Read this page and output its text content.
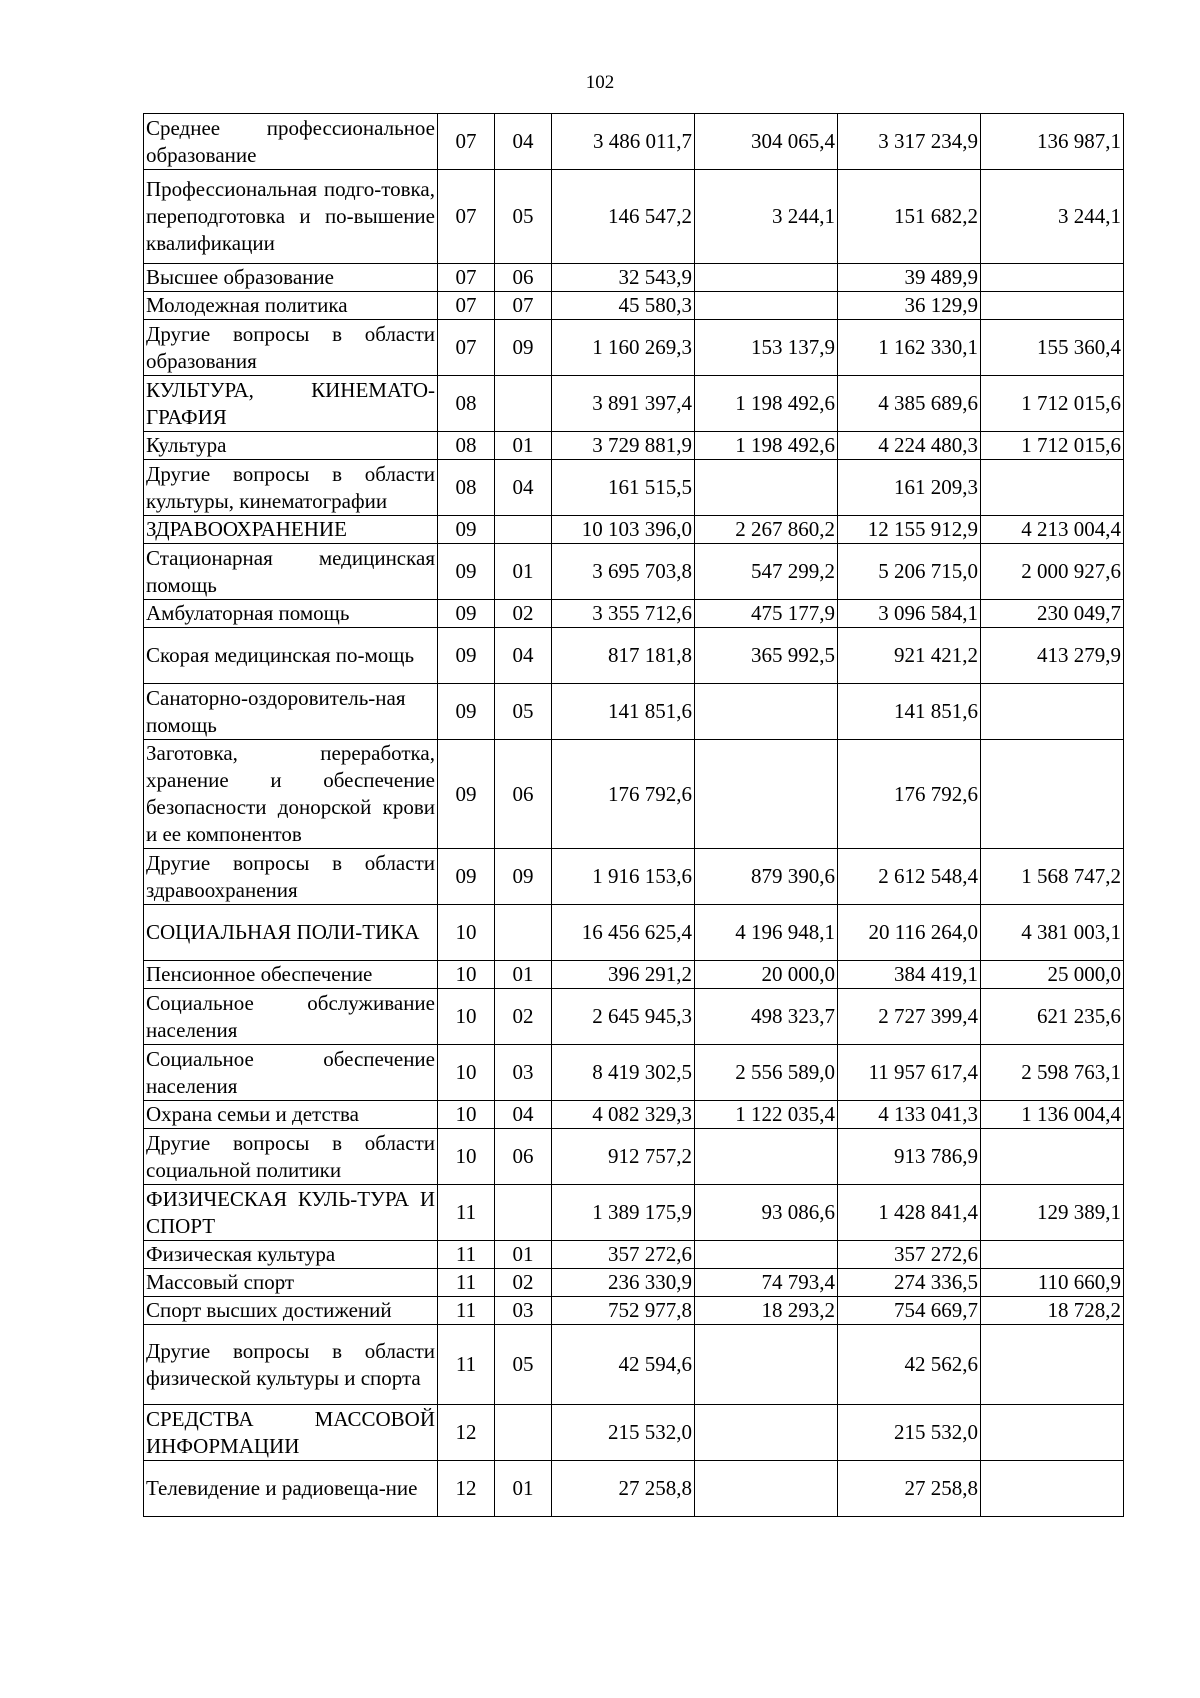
102
Среднее профессиональное образование	07	04	3 486 011,7	304 065,4	3 317 234,9	136 987,1
Профессиональная подго-товка, переподготовка и по-вышение квалификации	07	05	146 547,2	3 244,1	151 682,2	3 244,1
Высшее образование	07	06	32 543,9		39 489,9	
Молодежная политика	07	07	45 580,3		36 129,9	
Другие вопросы в области образования	07	09	1 160 269,3	153 137,9	1 162 330,1	155 360,4
КУЛЬТУРА, КИНЕМАТО-ГРАФИЯ	08		3 891 397,4	1 198 492,6	4 385 689,6	1 712 015,6
Культура	08	01	3 729 881,9	1 198 492,6	4 224 480,3	1 712 015,6
Другие вопросы в области культуры, кинематографии	08	04	161 515,5		161 209,3	
ЗДРАВООХРАНЕНИЕ	09		10 103 396,0	2 267 860,2	12 155 912,9	4 213 004,4
Стационарная медицинская помощь	09	01	3 695 703,8	547 299,2	5 206 715,0	2 000 927,6
Амбулаторная помощь	09	02	3 355 712,6	475 177,9	3 096 584,1	230 049,7
Скорая медицинская по-мощь	09	04	817 181,8	365 992,5	921 421,2	413 279,9
Санаторно-оздоровитель-ная помощь	09	05	141 851,6		141 851,6	
Заготовка, переработка, хранение и обеспечение безопасности донорской крови и ее компонентов	09	06	176 792,6		176 792,6	
Другие вопросы в области здравоохранения	09	09	1 916 153,6	879 390,6	2 612 548,4	1 568 747,2
СОЦИАЛЬНАЯ ПОЛИ-ТИКА	10		16 456 625,4	4 196 948,1	20 116 264,0	4 381 003,1
Пенсионное обеспечение	10	01	396 291,2	20 000,0	384 419,1	25 000,0
Социальное обслуживание населения	10	02	2 645 945,3	498 323,7	2 727 399,4	621 235,6
Социальное обеспечение населения	10	03	8 419 302,5	2 556 589,0	11 957 617,4	2 598 763,1
Охрана семьи и детства	10	04	4 082 329,3	1 122 035,4	4 133 041,3	1 136 004,4
Другие вопросы в области социальной политики	10	06	912 757,2		913 786,9	
ФИЗИЧЕСКАЯ КУЛЬ-ТУРА И СПОРТ	11		1 389 175,9	93 086,6	1 428 841,4	129 389,1
Физическая культура	11	01	357 272,6		357 272,6	
Массовый спорт	11	02	236 330,9	74 793,4	274 336,5	110 660,9
Спорт высших достижений	11	03	752 977,8	18 293,2	754 669,7	18 728,2
Другие вопросы в области физической культуры и спорта	11	05	42 594,6		42 562,6	
СРЕДСТВА МАССОВОЙ ИНФОРМАЦИИ	12		215 532,0		215 532,0	
Телевидение и радиовеща-ние	12	01	27 258,8		27 258,8	
